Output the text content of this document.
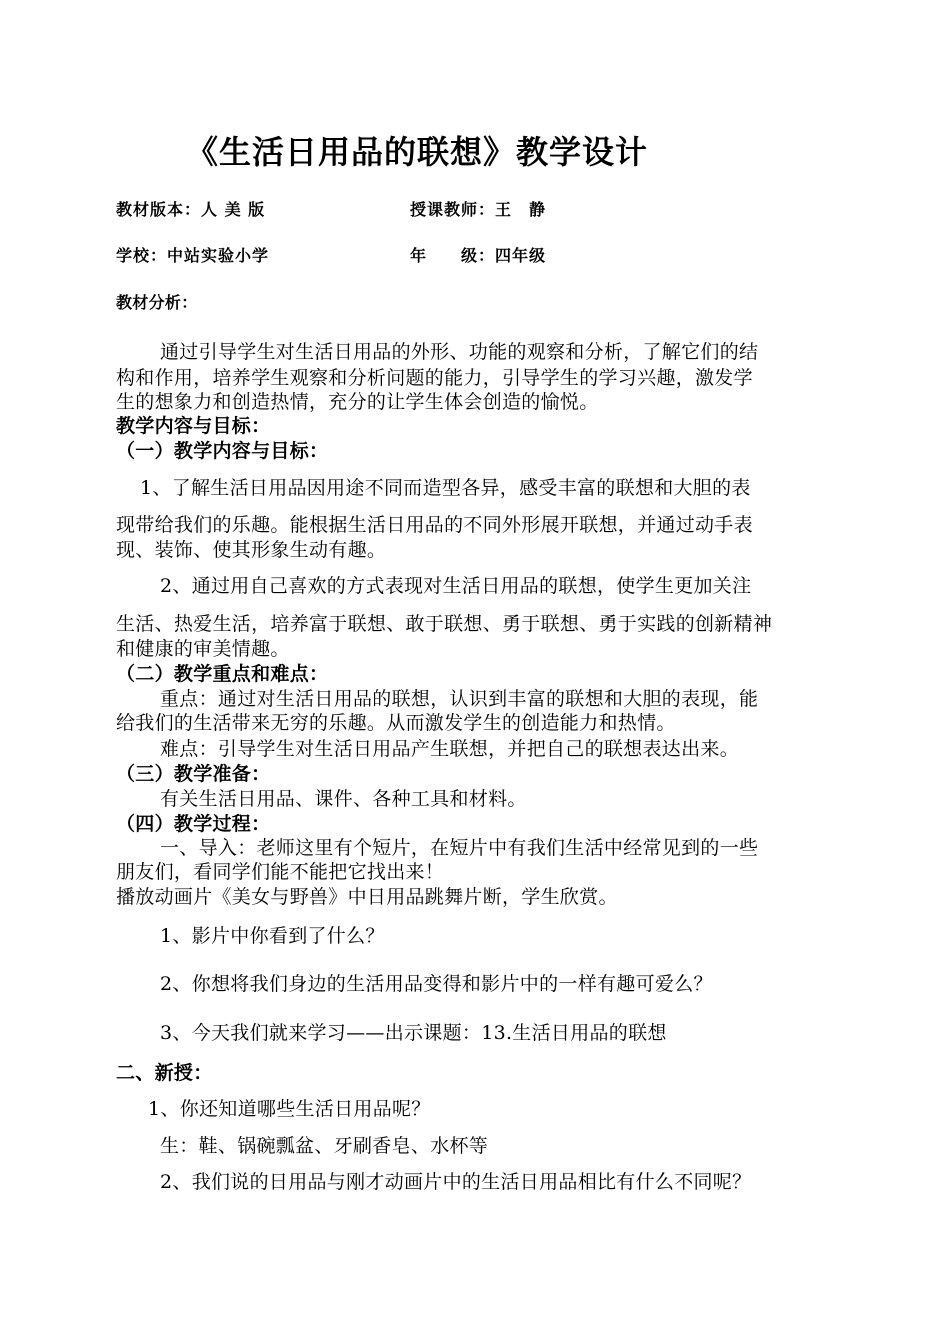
《生活日用品的联想》教学设计
教材版本：人 美 版	授课教师：王　静
学校：中站实验小学	年　　级：四年级
教材分析：
通过引导学生对生活日用品的外形、功能的观察和分析，了解它们的结
构和作用，培养学生观察和分析问题的能力，引导学生的学习兴趣，激发学
生的想象力和创造热情，充分的让学生体会创造的愉悦。
教学内容与目标：
（一）教学内容与目标：
1、了解生活日用品因用途不同而造型各异，感受丰富的联想和大胆的表
现带给我们的乐趣。能根据生活日用品的不同外形展开联想，并通过动手表
现、装饰、使其形象生动有趣。
2、通过用自己喜欢的方式表现对生活日用品的联想，使学生更加关注
生活、热爱生活，培养富于联想、敢于联想、勇于联想、勇于实践的创新精神
和健康的审美情趣。
（二）教学重点和难点：
重点：通过对生活日用品的联想，认识到丰富的联想和大胆的表现，能
给我们的生活带来无穷的乐趣。从而激发学生的创造能力和热情。
难点：引导学生对生活日用品产生联想，并把自己的联想表达出来。
（三）教学准备：
有关生活日用品、课件、各种工具和材料。
（四）教学过程：
一、导入：老师这里有个短片，在短片中有我们生活中经常见到的一些
朋友们，看同学们能不能把它找出来！
播放动画片《美女与野兽》中日用品跳舞片断，学生欣赏。
1、影片中你看到了什么？
2、你想将我们身边的生活用品变得和影片中的一样有趣可爱么？
3、今天我们就来学习——出示课题：13.生活日用品的联想
二、新授：
1、你还知道哪些生活日用品呢？
生：鞋、锅碗瓢盆、牙刷香皂、水杯等
2、我们说的日用品与刚才动画片中的生活日用品相比有什么不同呢？
